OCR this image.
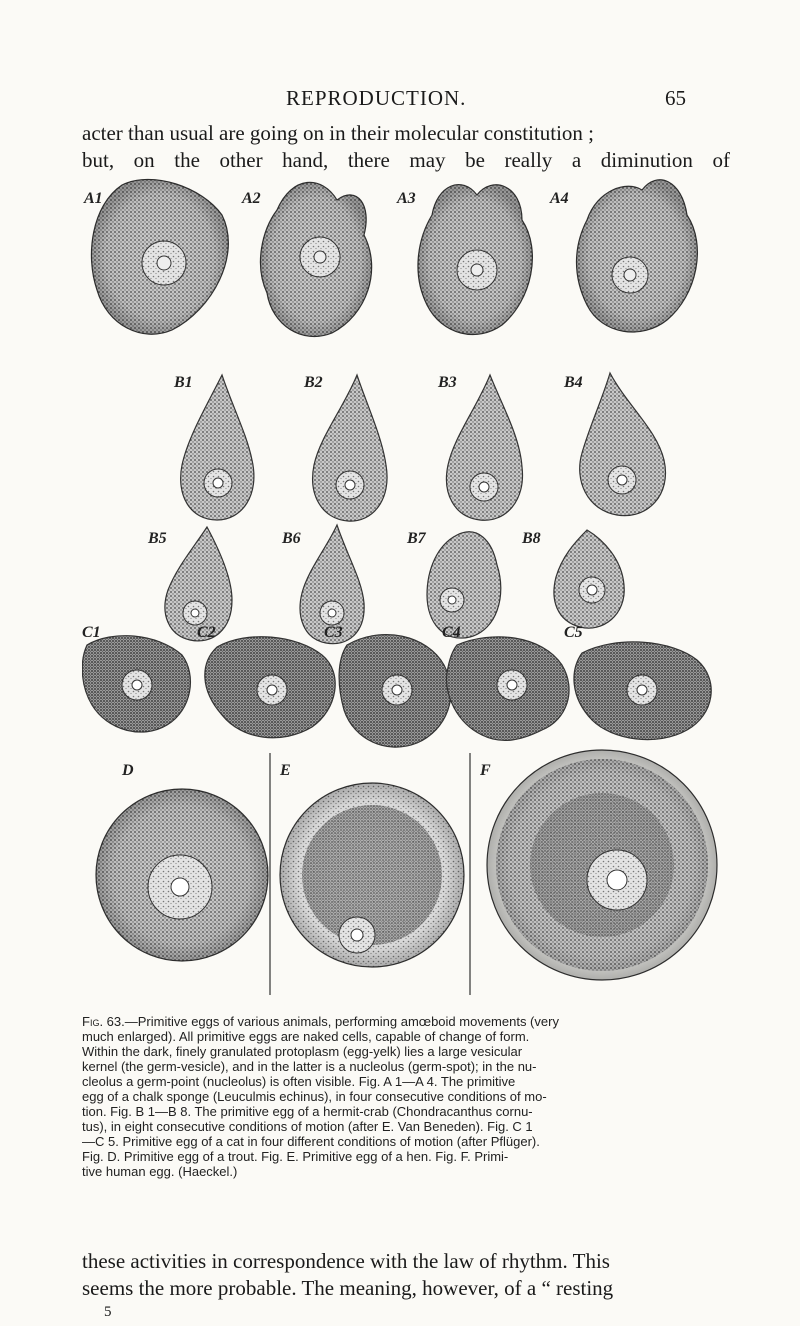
REPRODUCTION.	65
acter than usual are going on in their molecular constitution ;
but, on the other hand, there may be really a diminution of
A1	A2	A3	A4
B1	B2	B3	B4
B5	B6	B7	B8
C1	C2	C3	C4	C5
D	E	F
Fig. 63.—Primitive eggs of various animals, performing amœboid movements (very
much enlarged). All primitive eggs are naked cells, capable of change of form.
Within the dark, finely granulated protoplasm (egg-yelk) lies a large vesicular
kernel (the germ-vesicle), and in the latter is a nucleolus (germ-spot); in the nu-
cleolus a germ-point (nucleolus) is often visible. Fig. A 1—A 4. The primitive
egg of a chalk sponge (Leuculmis echinus), in four consecutive conditions of mo-
tion. Fig. B 1—B 8. The primitive egg of a hermit-crab (Chondracanthus cornu-
tus), in eight consecutive conditions of motion (after E. Van Beneden). Fig. C 1
—C 5. Primitive egg of a cat in four different conditions of motion (after Pflüger).
Fig. D. Primitive egg of a trout. Fig. E. Primitive egg of a hen. Fig. F. Primi-
tive human egg. (Haeckel.)
these activities in correspondence with the law of rhythm. This
seems the more probable. The meaning, however, of a “ resting
5
